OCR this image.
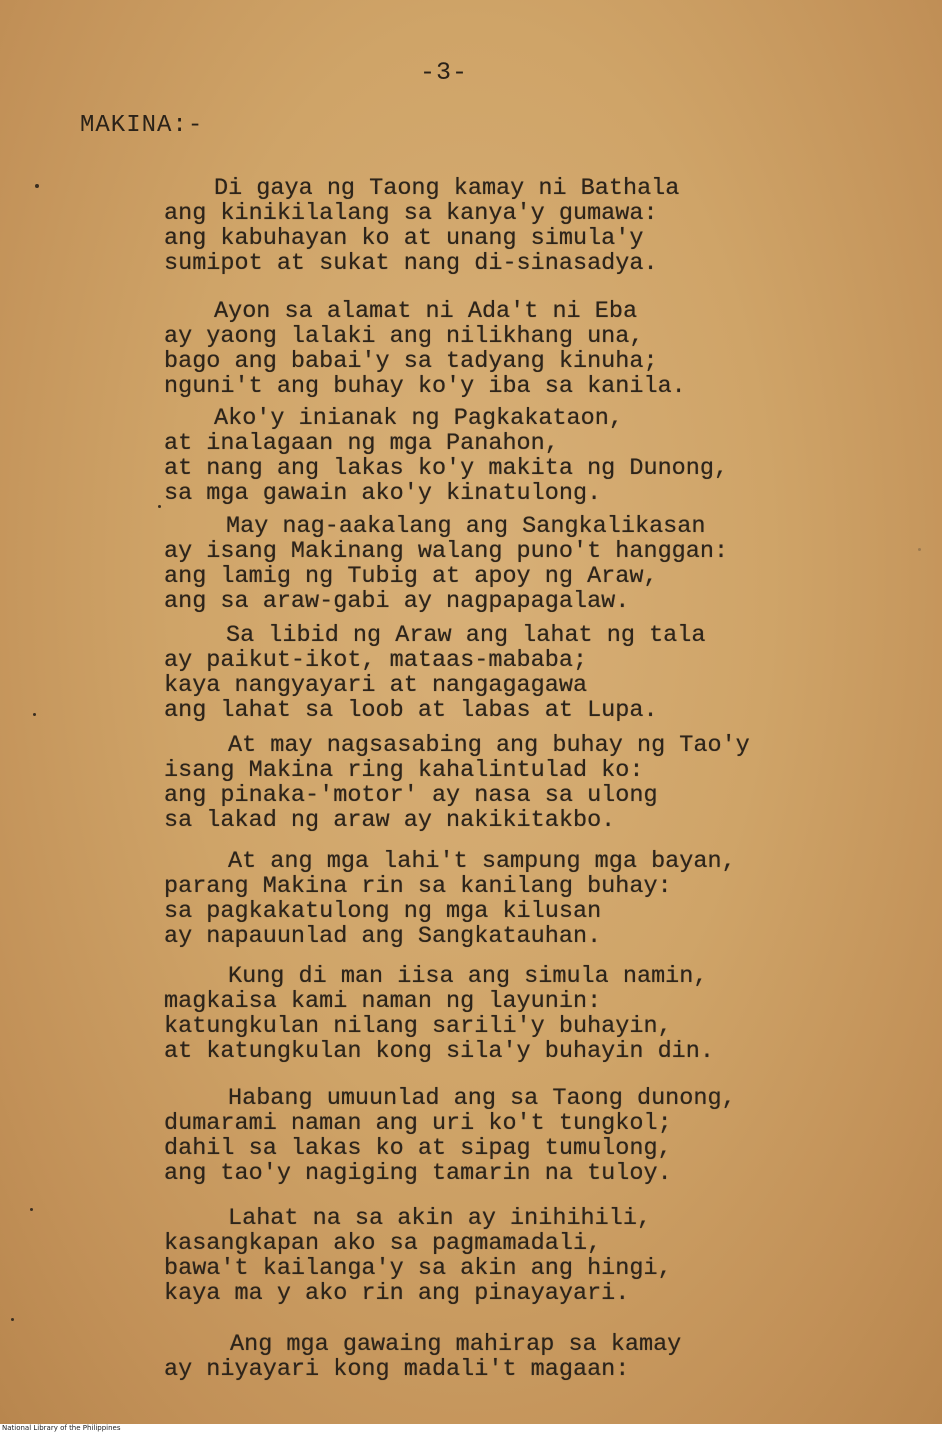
-3-
MAKINA:-
Di gaya ng Taong kamay ni Bathala
ang kinikilalang sa kanya'y gumawa:
ang kabuhayan ko at unang simula'y
sumipot at sukat nang di-sinasadya.
Ayon sa alamat ni Ada't ni Eba
ay yaong lalaki ang nilikhang una,
bago ang babai'y sa tadyang kinuha;
nguni't ang buhay ko'y iba sa kanila.
Ako'y inianak ng Pagkakataon,
at inalagaan ng mga Panahon,
at nang ang lakas ko'y makita ng Dunong,
sa mga gawain ako'y kinatulong.
May nag-aakalang ang Sangkalikasan
ay isang Makinang walang puno't hanggan:
ang lamig ng Tubig at apoy ng Araw,
ang sa araw-gabi ay nagpapagalaw.
Sa libid ng Araw ang lahat ng tala
ay paikut-ikot, mataas-mababa;
kaya nangyayari at nangagagawa
ang lahat sa loob at labas at Lupa.
At may nagsasabing ang buhay ng Tao'y
isang Makina ring kahalintulad ko:
ang pinaka-'motor' ay nasa sa ulong
sa lakad ng araw ay nakikitakbo.
At ang mga lahi't sampung mga bayan,
parang Makina rin sa kanilang buhay:
sa pagkakatulong ng mga kilusan
ay napauunlad ang Sangkatauhan.
Kung di man iisa ang simula namin,
magkaisa kami naman ng layunin:
katungkulan nilang sarili'y buhayin,
at katungkulan kong sila'y buhayin din.
Habang umuunlad ang sa Taong dunong,
dumarami naman ang uri ko't tungkol;
dahil sa lakas ko at sipag tumulong,
ang tao'y nagiging tamarin na tuloy.
Lahat na sa akin ay inihihili,
kasangkapan ako sa pagmamadali,
bawa't kailanga'y sa akin ang hingi,
kaya ma y ako rin ang pinayayari.
Ang mga gawaing mahirap sa kamay
ay niyayari kong madali't magaan:
National Library of the Philippines
